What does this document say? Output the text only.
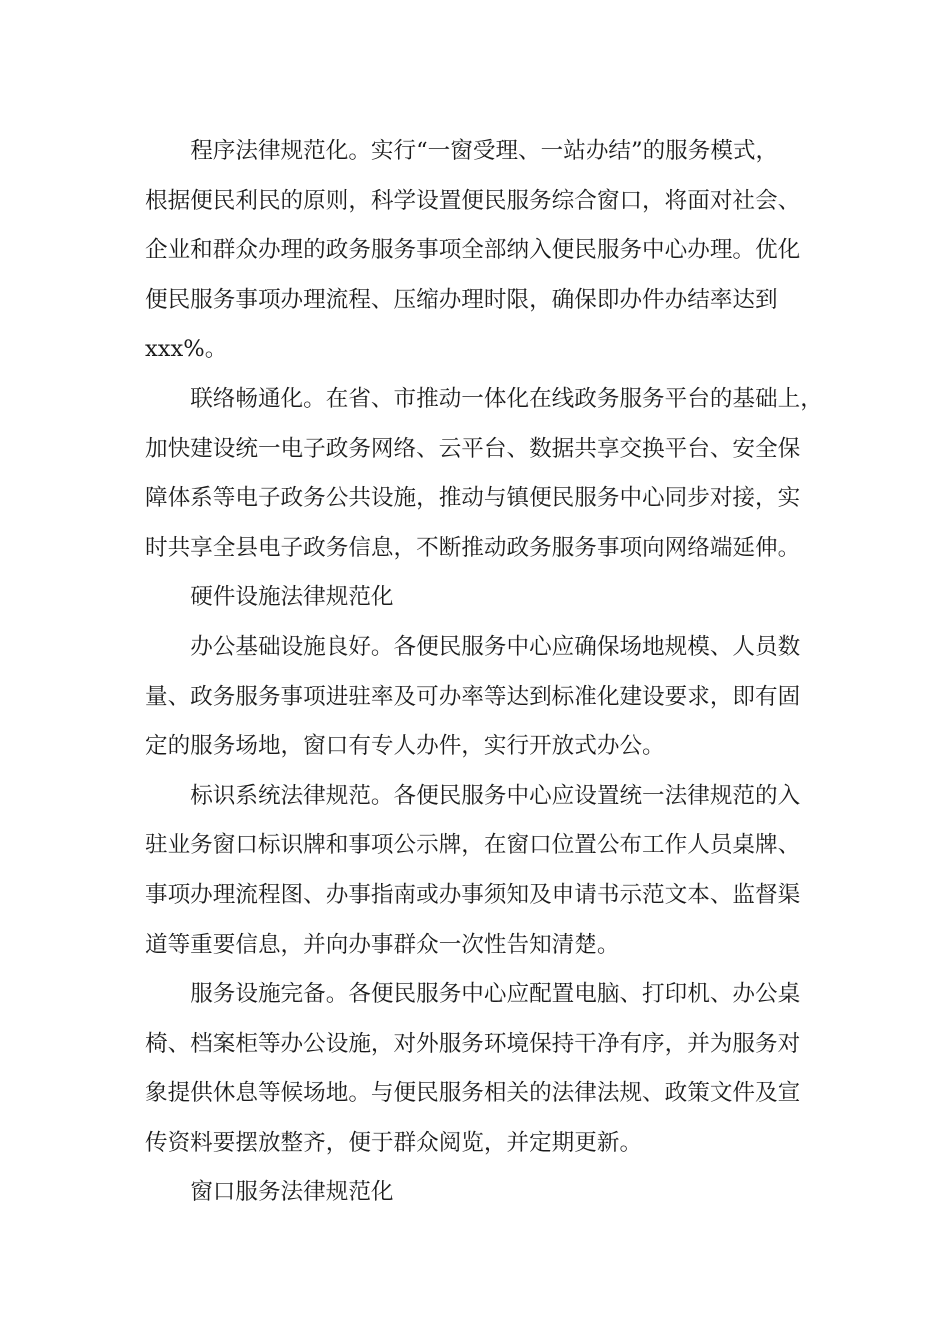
程序法律规范化。实行“一窗受理、一站办结”的服务模式，
根据便民利民的原则，科学设置便民服务综合窗口，将面对社会、
企业和群众办理的政务服务事项全部纳入便民服务中心办理。优化
便民服务事项办理流程、压缩办理时限，确保即办件办结率达到
xxx%。

联络畅通化。在省、市推动一体化在线政务服务平台的基础上，
加快建设统一电子政务网络、云平台、数据共享交换平台、安全保
障体系等电子政务公共设施，推动与镇便民服务中心同步对接，实
时共享全县电子政务信息，不断推动政务服务事项向网络端延伸。

硬件设施法律规范化

办公基础设施良好。各便民服务中心应确保场地规模、人员数
量、政务服务事项进驻率及可办率等达到标准化建设要求，即有固
定的服务场地，窗口有专人办件，实行开放式办公。

标识系统法律规范。各便民服务中心应设置统一法律规范的入
驻业务窗口标识牌和事项公示牌，在窗口位置公布工作人员桌牌、
事项办理流程图、办事指南或办事须知及申请书示范文本、监督渠
道等重要信息，并向办事群众一次性告知清楚。

服务设施完备。各便民服务中心应配置电脑、打印机、办公桌
椅、档案柜等办公设施，对外服务环境保持干净有序，并为服务对
象提供休息等候场地。与便民服务相关的法律法规、政策文件及宣
传资料要摆放整齐，便于群众阅览，并定期更新。

窗口服务法律规范化
